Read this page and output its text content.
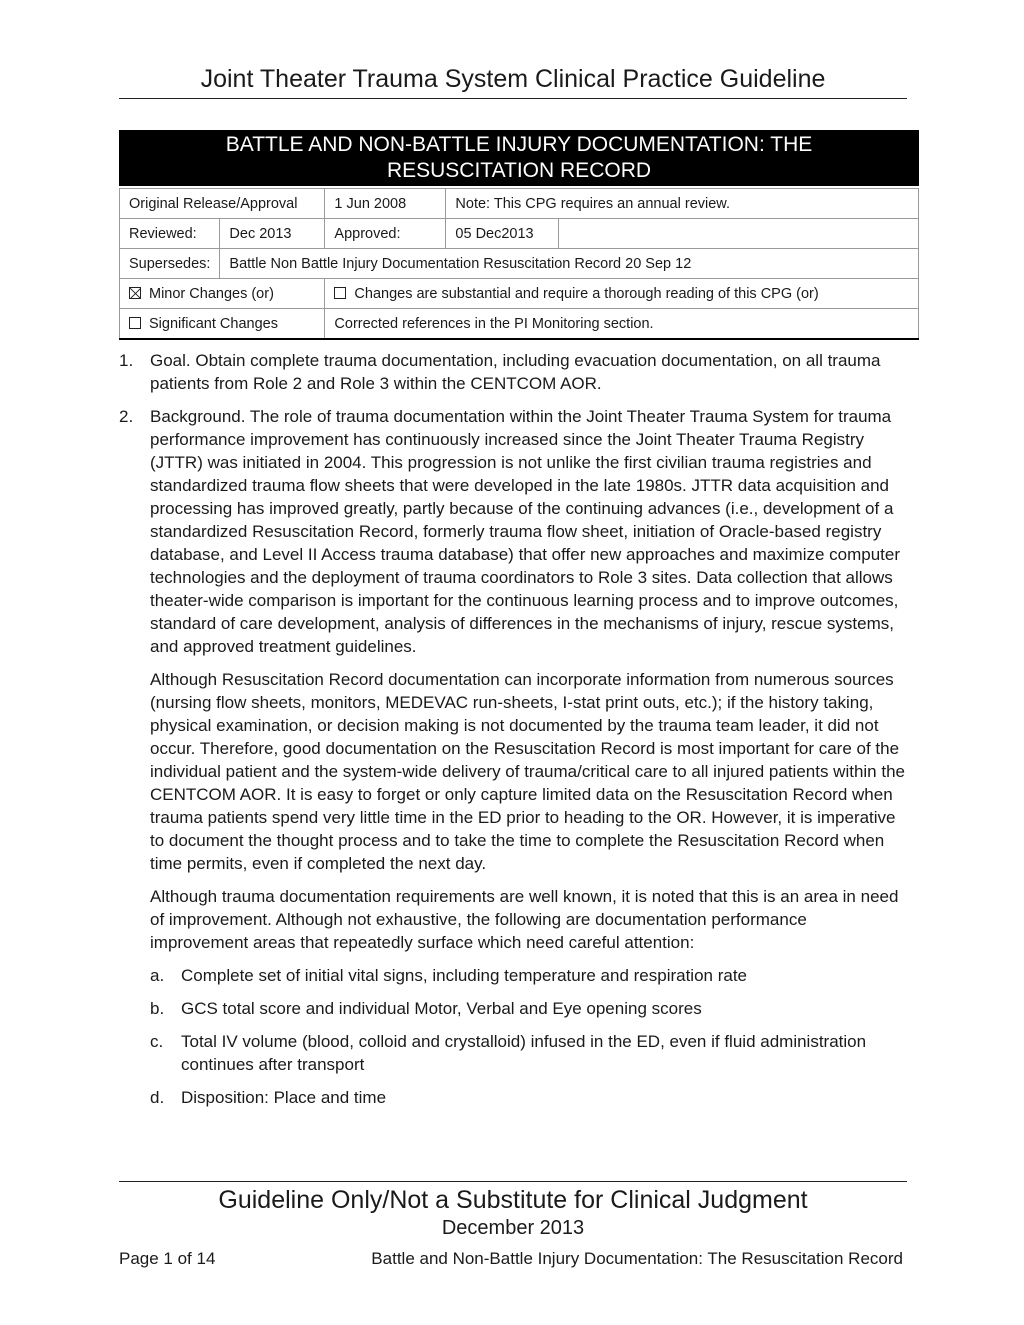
Joint Theater Trauma System Clinical Practice Guideline
BATTLE AND NON-BATTLE INJURY DOCUMENTATION: THE
RESUSCITATION RECORD
Original Release/Approval		1 Jun 2008	Note: This CPG requires an annual review.	
Reviewed:	Dec 2013	Approved:	05 Dec2013	
Supersedes:	Battle Non Battle Injury Documentation Resuscitation Record 20 Sep 12			
Minor Changes (or)		Changes are substantial and require a thorough reading of this CPG (or)		
Significant Changes		Corrected references in the PI Monitoring section.		
1. Goal. Obtain complete trauma documentation, including evacuation documentation, on all trauma patients from Role 2 and Role 3 within the CENTCOM AOR.
2. Background. The role of trauma documentation within the Joint Theater Trauma System for trauma performance improvement has continuously increased since the Joint Theater Trauma Registry (JTTR) was initiated in 2004. This progression is not unlike the first civilian trauma registries and standardized trauma flow sheets that were developed in the late 1980s. JTTR data acquisition and processing has improved greatly, partly because of the continuing advances (i.e., development of a standardized Resuscitation Record, formerly trauma flow sheet, initiation of Oracle-based registry database, and Level II Access trauma database) that offer new approaches and maximize computer technologies and the deployment of trauma coordinators to Role 3 sites. Data collection that allows theater-wide comparison is important for the continuous learning process and to improve outcomes, standard of care development, analysis of differences in the mechanisms of injury, rescue systems, and approved treatment guidelines.
Although Resuscitation Record documentation can incorporate information from numerous sources (nursing flow sheets, monitors, MEDEVAC run-sheets, I-stat print outs, etc.); if the history taking, physical examination, or decision making is not documented by the trauma team leader, it did not occur. Therefore, good documentation on the Resuscitation Record is most important for care of the individual patient and the system-wide delivery of trauma/critical care to all injured patients within the CENTCOM AOR. It is easy to forget or only capture limited data on the Resuscitation Record when trauma patients spend very little time in the ED prior to heading to the OR. However, it is imperative to document the thought process and to take the time to complete the Resuscitation Record when time permits, even if completed the next day.
Although trauma documentation requirements are well known, it is noted that this is an area in need of improvement. Although not exhaustive, the following are documentation performance improvement areas that repeatedly surface which need careful attention:
a. Complete set of initial vital signs, including temperature and respiration rate
b. GCS total score and individual Motor, Verbal and Eye opening scores
c. Total IV volume (blood, colloid and crystalloid) infused in the ED, even if fluid administration continues after transport
d. Disposition: Place and time
Guideline Only/Not a Substitute for Clinical Judgment
December 2013
Page 1 of 14	Battle and Non-Battle Injury Documentation: The Resuscitation Record
